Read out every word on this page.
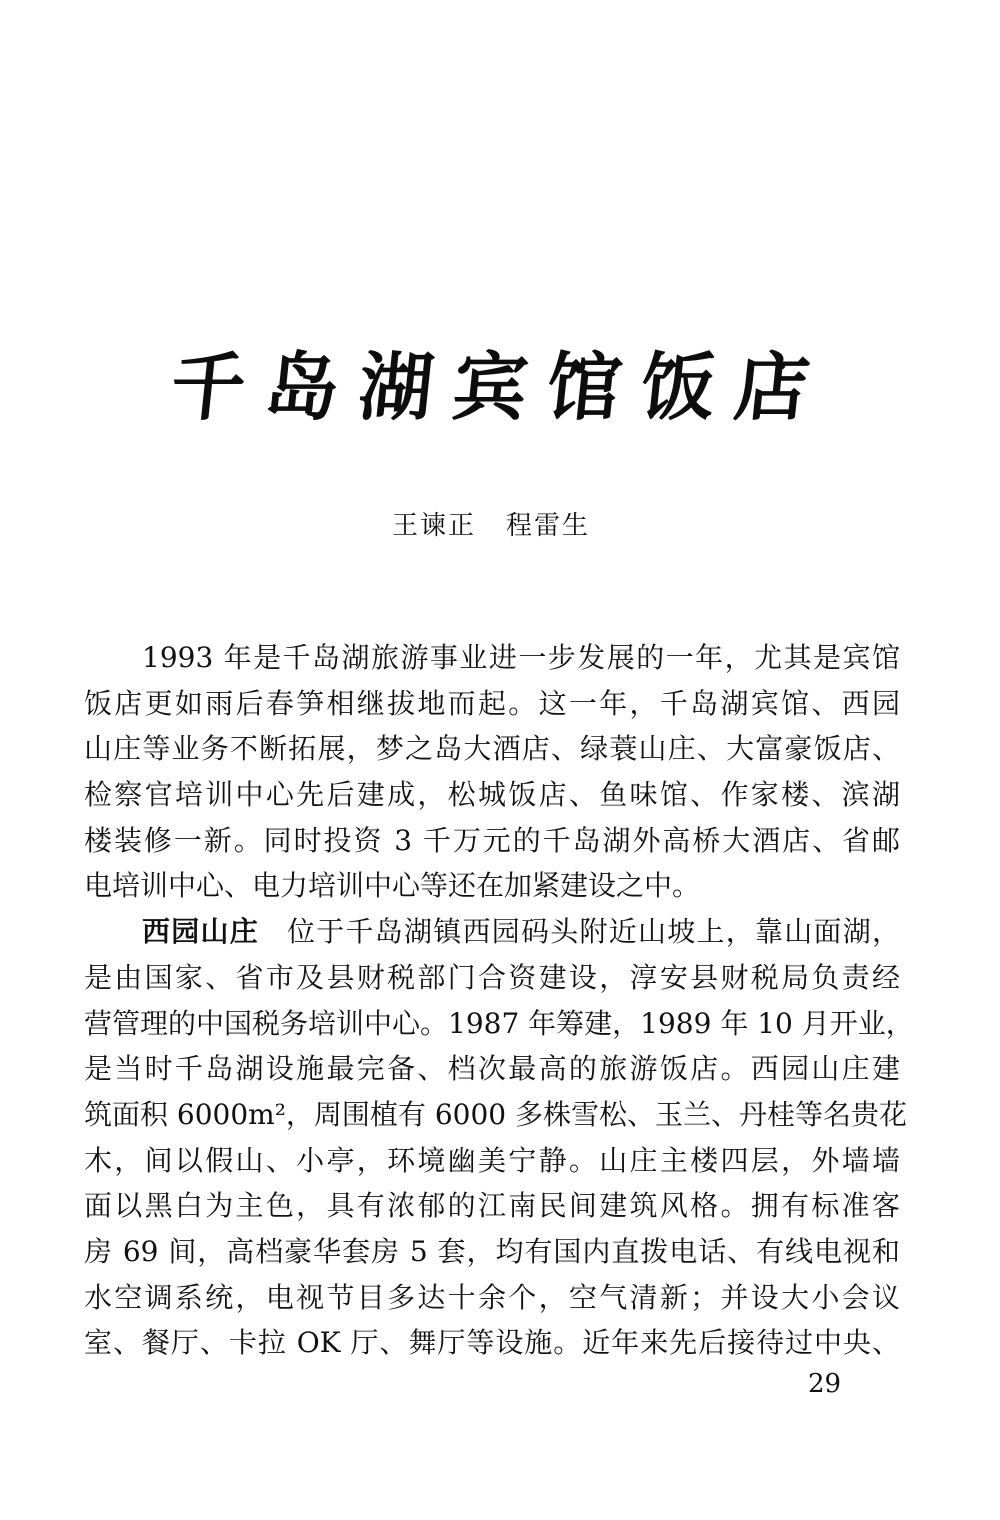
千岛湖宾馆饭店
王谏正 程雷生
1993 年是千岛湖旅游事业进一步发展的一年，尤其是宾馆
饭店更如雨后春笋相继拔地而起。这一年，千岛湖宾馆、西园
山庄等业务不断拓展，梦之岛大酒店、绿蓑山庄、大富豪饭店、
检察官培训中心先后建成，松城饭店、鱼味馆、作家楼、滨湖
楼装修一新。同时投资 3 千万元的千岛湖外高桥大酒店、省邮
电培训中心、电力培训中心等还在加紧建设之中。
西园山庄 位于千岛湖镇西园码头附近山坡上，靠山面湖，
是由国家、省市及县财税部门合资建设，淳安县财税局负责经
营管理的中国税务培训中心。1987 年筹建，1989 年 10 月开业，
是当时千岛湖设施最完备、档次最高的旅游饭店。西园山庄建
筑面积 6000m²，周围植有 6000 多株雪松、玉兰、丹桂等名贵花
木，间以假山、小亭，环境幽美宁静。山庄主楼四层，外墙墙
面以黑白为主色，具有浓郁的江南民间建筑风格。拥有标准客
房 69 间，高档豪华套房 5 套，均有国内直拨电话、有线电视和
水空调系统，电视节目多达十余个，空气清新；并设大小会议
室、餐厅、卡拉 OK 厅、舞厅等设施。近年来先后接待过中央、
29
